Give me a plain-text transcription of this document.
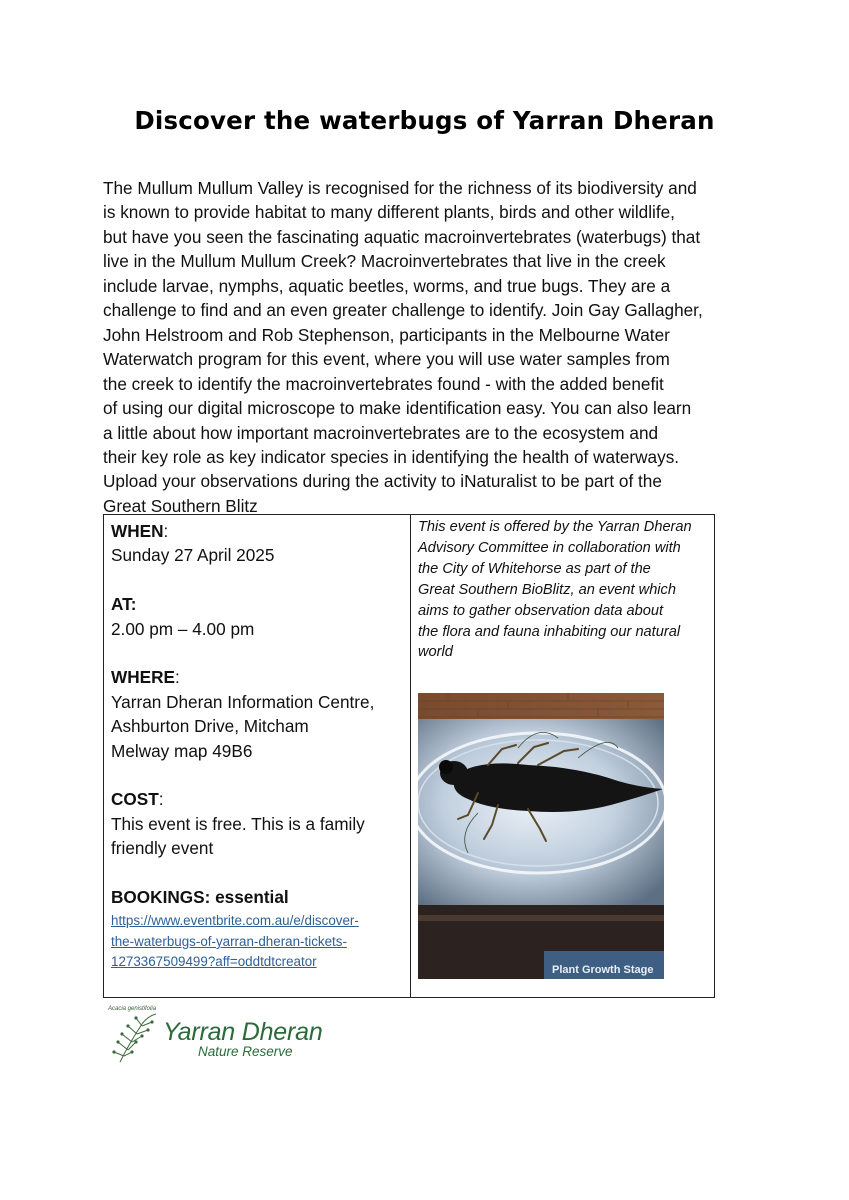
Discover the waterbugs of Yarran Dheran
The Mullum Mullum Valley is recognised for the richness of its biodiversity and
is known to provide habitat to many different plants, birds and other wildlife,
but have you seen the fascinating aquatic macroinvertebrates (waterbugs) that
live in the Mullum Mullum Creek? Macroinvertebrates that live in the creek
include larvae, nymphs, aquatic beetles, worms, and true bugs. They are a
challenge to find and an even greater challenge to identify. Join Gay Gallagher,
John Helstroom and Rob Stephenson, participants in the Melbourne Water
Waterwatch program for this event, where you will use water samples from
the creek to identify the macroinvertebrates found - with the added benefit
of using our digital microscope to make identification easy. You can also learn
a little about how important macroinvertebrates are to the ecosystem and
their key role as key indicator species in identifying the health of waterways.
Upload your observations during the activity to iNaturalist to be part of the
Great Southern Blitz
WHEN:
Sunday 27 April 2025
AT:
2.00 pm – 4.00 pm
WHERE:
Yarran Dheran Information Centre,
Ashburton Drive, Mitcham
Melway map 49B6
COST:
This event is free. This is a family
friendly event
BOOKINGS: essential
https://www.eventbrite.com.au/e/discover-
the-waterbugs-of-yarran-dheran-tickets-
1273367509499?aff=oddtdtcreator
This event is offered by the Yarran Dheran
Advisory Committee in collaboration with
the City of Whitehorse as part of the
Great Southern BioBlitz, an event which
aims to gather observation data about
the flora and fauna inhabiting our natural
world
Plant Growth Stage
Acacia genistifolia
Yarran Dheran
Nature Reserve
